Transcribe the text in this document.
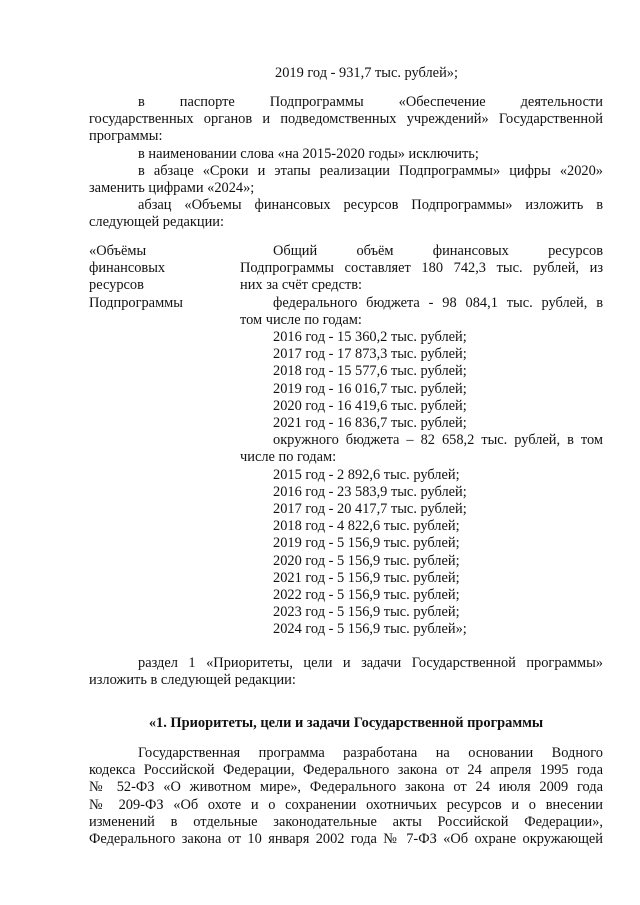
2019 год - 931,7 тыс. рублей»;

в паспорте Подпрограммы «Обеспечение деятельности

государственных органов и подведомственных учреждений» Государственной

программы:

в наименовании слова «на 2015-2020 годы» исключить;

в абзаце «Сроки и этапы реализации Подпрограммы» цифры «2020»

заменить цифрами «2024»;

абзац «Объемы финансовых ресурсов Подпрограммы» изложить в

следующей редакции:

«Объёмы

финансовых

ресурсов

Подпрограммы

Общий объём финансовых ресурсов

Подпрограммы составляет 180 742,3 тыс. рублей, из

них за счёт средств:

федерального бюджета - 98 084,1 тыс. рублей, в

том числе по годам:

2016 год - 15 360,2 тыс. рублей;

2017 год - 17 873,3 тыс. рублей;

2018 год - 15 577,6 тыс. рублей;

2019 год - 16 016,7 тыс. рублей;

2020 год - 16 419,6 тыс. рублей;

2021 год - 16 836,7 тыс. рублей;

окружного бюджета – 82 658,2 тыс. рублей, в том

числе по годам:

2015 год - 2 892,6 тыс. рублей;

2016 год - 23 583,9 тыс. рублей;

2017 год - 20 417,7 тыс. рублей;

2018 год - 4 822,6 тыс. рублей;

2019 год - 5 156,9 тыс. рублей;

2020 год - 5 156,9 тыс. рублей;

2021 год - 5 156,9 тыс. рублей;

2022 год - 5 156,9 тыс. рублей;

2023 год - 5 156,9 тыс. рублей;

2024 год - 5 156,9 тыс. рублей»;

раздел 1 «Приоритеты, цели и задачи Государственной программы»

изложить в следующей редакции:

«1. Приоритеты, цели и задачи Государственной программы

Государственная программа разработана на основании Водного

кодекса Российской Федерации, Федерального закона от 24 апреля 1995 года

№ 52-ФЗ «О животном мире», Федерального закона от 24 июля 2009 года

№ 209-ФЗ «Об охоте и о сохранении охотничьих ресурсов и о внесении

изменений в отдельные законодательные акты Российской Федерации»,

Федерального закона от 10 января 2002 года № 7-ФЗ «Об охране окружающей
